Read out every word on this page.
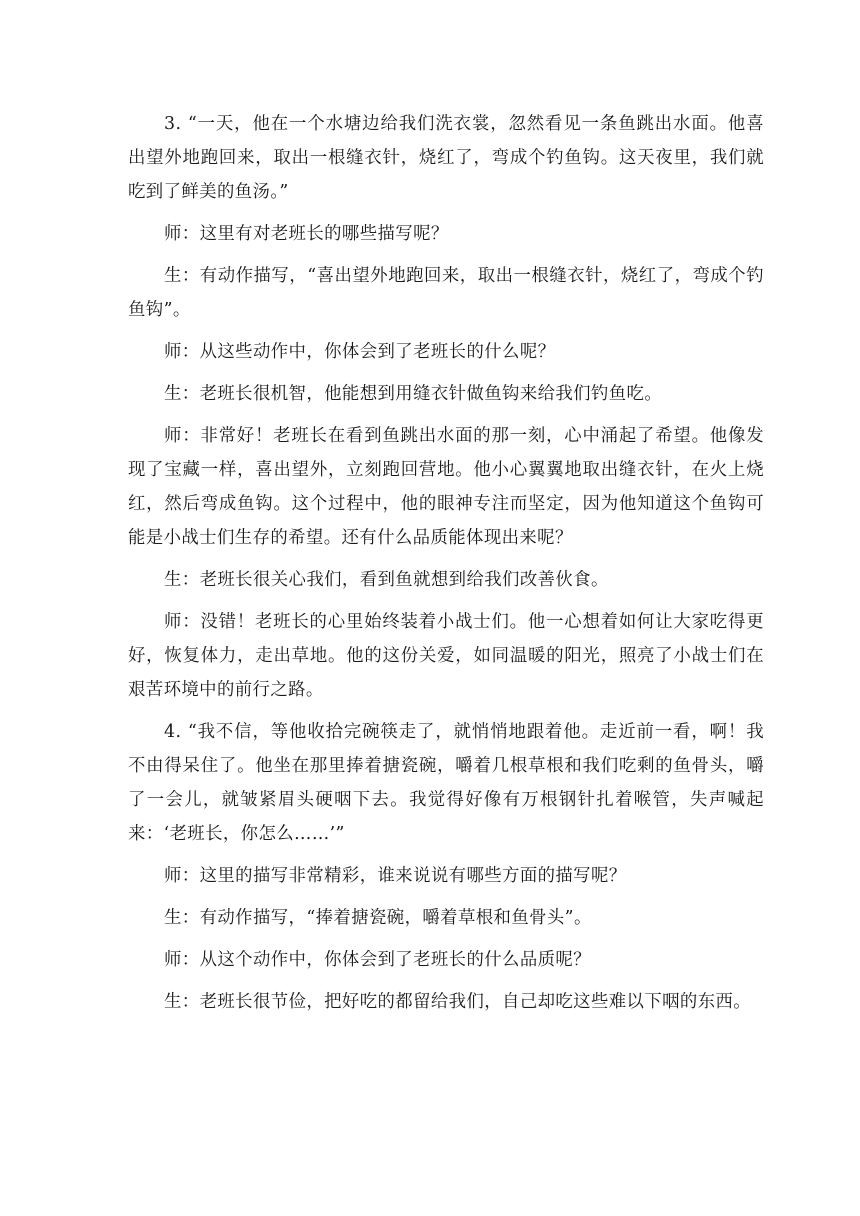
3. “一天，他在一个水塘边给我们洗衣裳，忽然看见一条鱼跳出水面。他喜出望外地跑回来，取出一根缝衣针，烧红了，弯成个钓鱼钩。这天夜里，我们就吃到了鲜美的鱼汤。”

师：这里有对老班长的哪些描写呢？

生：有动作描写，“喜出望外地跑回来，取出一根缝衣针，烧红了，弯成个钓鱼钩”。

师：从这些动作中，你体会到了老班长的什么呢？

生：老班长很机智，他能想到用缝衣针做鱼钩来给我们钓鱼吃。

师：非常好！老班长在看到鱼跳出水面的那一刻，心中涌起了希望。他像发现了宝藏一样，喜出望外，立刻跑回营地。他小心翼翼地取出缝衣针，在火上烧红，然后弯成鱼钩。这个过程中，他的眼神专注而坚定，因为他知道这个鱼钩可能是小战士们生存的希望。还有什么品质能体现出来呢？

生：老班长很关心我们，看到鱼就想到给我们改善伙食。

师：没错！老班长的心里始终装着小战士们。他一心想着如何让大家吃得更好，恢复体力，走出草地。他的这份关爱，如同温暖的阳光，照亮了小战士们在艰苦环境中的前行之路。

4. “我不信，等他收拾完碗筷走了，就悄悄地跟着他。走近前一看，啊！我不由得呆住了。他坐在那里捧着搪瓷碗，嚼着几根草根和我们吃剩的鱼骨头，嚼了一会儿，就皱紧眉头硬咽下去。我觉得好像有万根钢针扎着喉管，失声喊起来：‘老班长，你怎么……’”

师：这里的描写非常精彩，谁来说说有哪些方面的描写呢？

生：有动作描写，“捧着搪瓷碗，嚼着草根和鱼骨头”。

师：从这个动作中，你体会到了老班长的什么品质呢？

生：老班长很节俭，把好吃的都留给我们，自己却吃这些难以下咽的东西。
